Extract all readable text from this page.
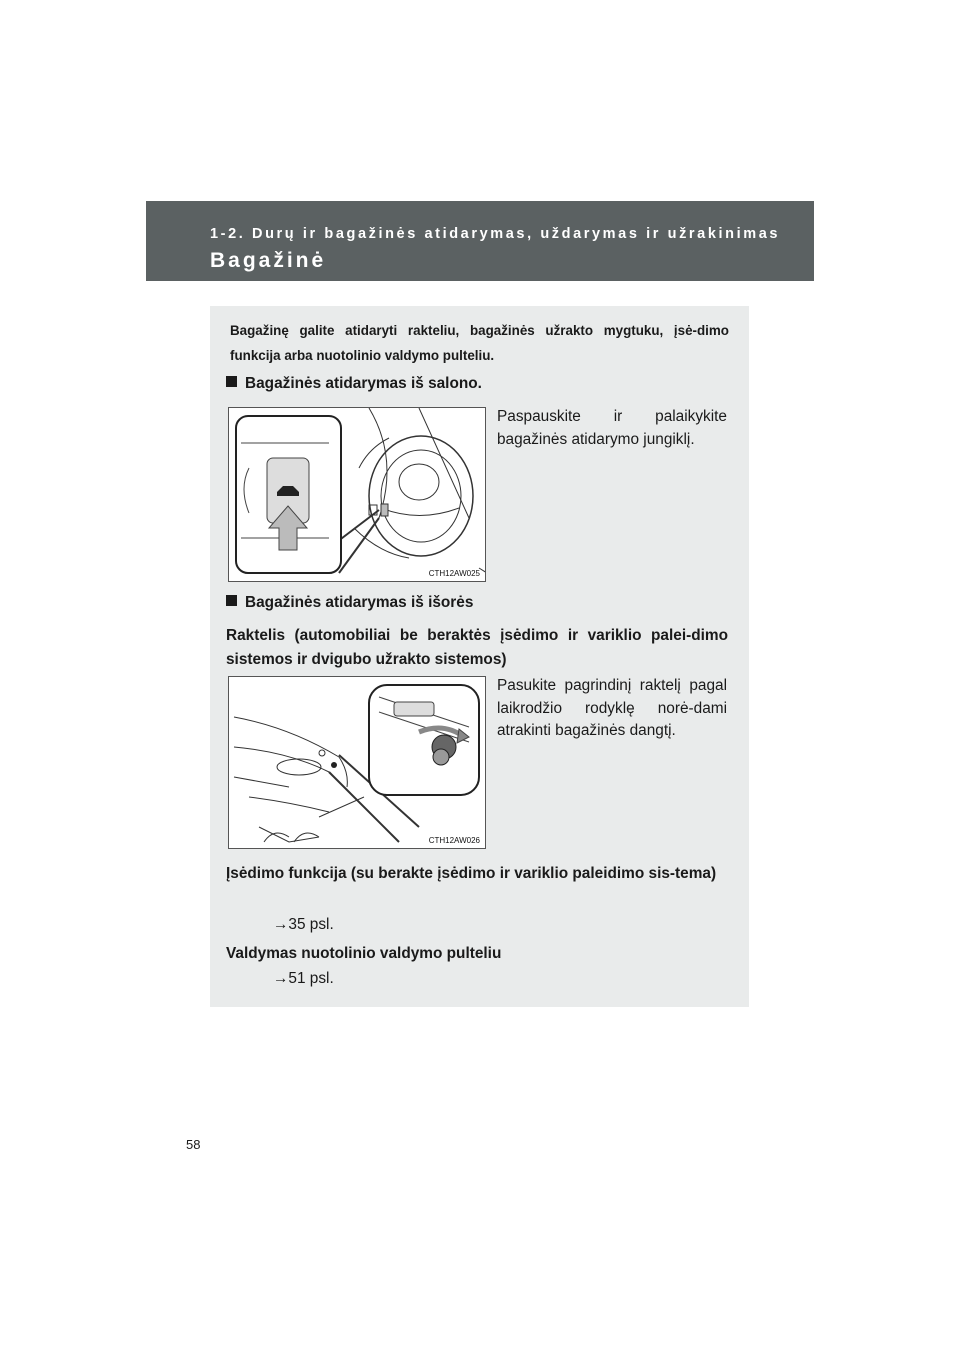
1-2. Durų ir bagažinės atidarymas, uždarymas ir užrakinimas
Bagažinė
Bagažinę galite atidaryti rakteliu, bagažinės užrakto mygtuku, įsė-dimo funkcija arba nuotolinio valdymo pulteliu.
Bagažinės atidarymas iš salono.
CTH12AW025
Paspauskite ir palaikykite bagažinės atidarymo jungiklį.
Bagažinės atidarymas iš išorės
Raktelis (automobiliai be beraktės įsėdimo ir variklio palei-dimo sistemos ir dvigubo užrakto sistemos)
CTH12AW026
Pasukite pagrindinį raktelį pagal laikrodžio rodyklę norė-dami atrakinti bagažinės dangtį.
Įsėdimo funkcija (su berakte įsėdimo ir variklio paleidimo sis-tema)
→35 psl.
Valdymas nuotolinio valdymo pulteliu
→51 psl.
58
